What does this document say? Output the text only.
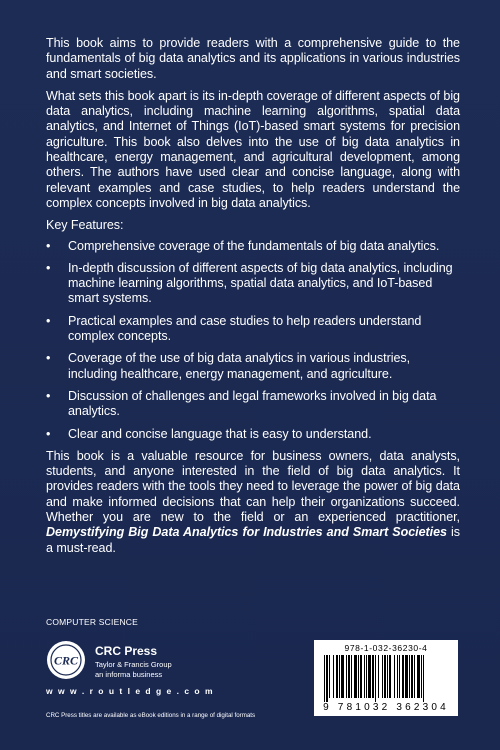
This book aims to provide readers with a comprehensive guide to the fundamentals of big data analytics and its applications in various industries and smart societies.

What sets this book apart is its in-depth coverage of different aspects of big data analytics, including machine learning algorithms, spatial data analytics, and Internet of Things (IoT)-based smart systems for precision agriculture. This book also delves into the use of big data analytics in healthcare, energy management, and agricultural development, among others. The authors have used clear and concise language, along with relevant examples and case studies, to help readers understand the complex concepts involved in big data analytics.

Key Features:

• Comprehensive coverage of the fundamentals of big data analytics.
• In-depth discussion of different aspects of big data analytics, including machine learning algorithms, spatial data analytics, and IoT-based smart systems.
• Practical examples and case studies to help readers understand complex concepts.
• Coverage of the use of big data analytics in various industries, including healthcare, energy management, and agriculture.
• Discussion of challenges and legal frameworks involved in big data analytics.
• Clear and concise language that is easy to understand.

This book is a valuable resource for business owners, data analysts, students, and anyone interested in the field of big data analytics. It provides readers with the tools they need to leverage the power of big data and make informed decisions that can help their organizations succeed. Whether you are new to the field or an experienced practitioner, Demystifying Big Data Analytics for Industries and Smart Societies is a must-read.

COMPUTER SCIENCE
CRC
CRC Press
Taylor & Francis Group
an informa business
w w w . r o u t l e d g e . c o m
CRC Press titles are available as eBook editions in a range of digital formats
978-1-032-36230-4
9 781032 362304
